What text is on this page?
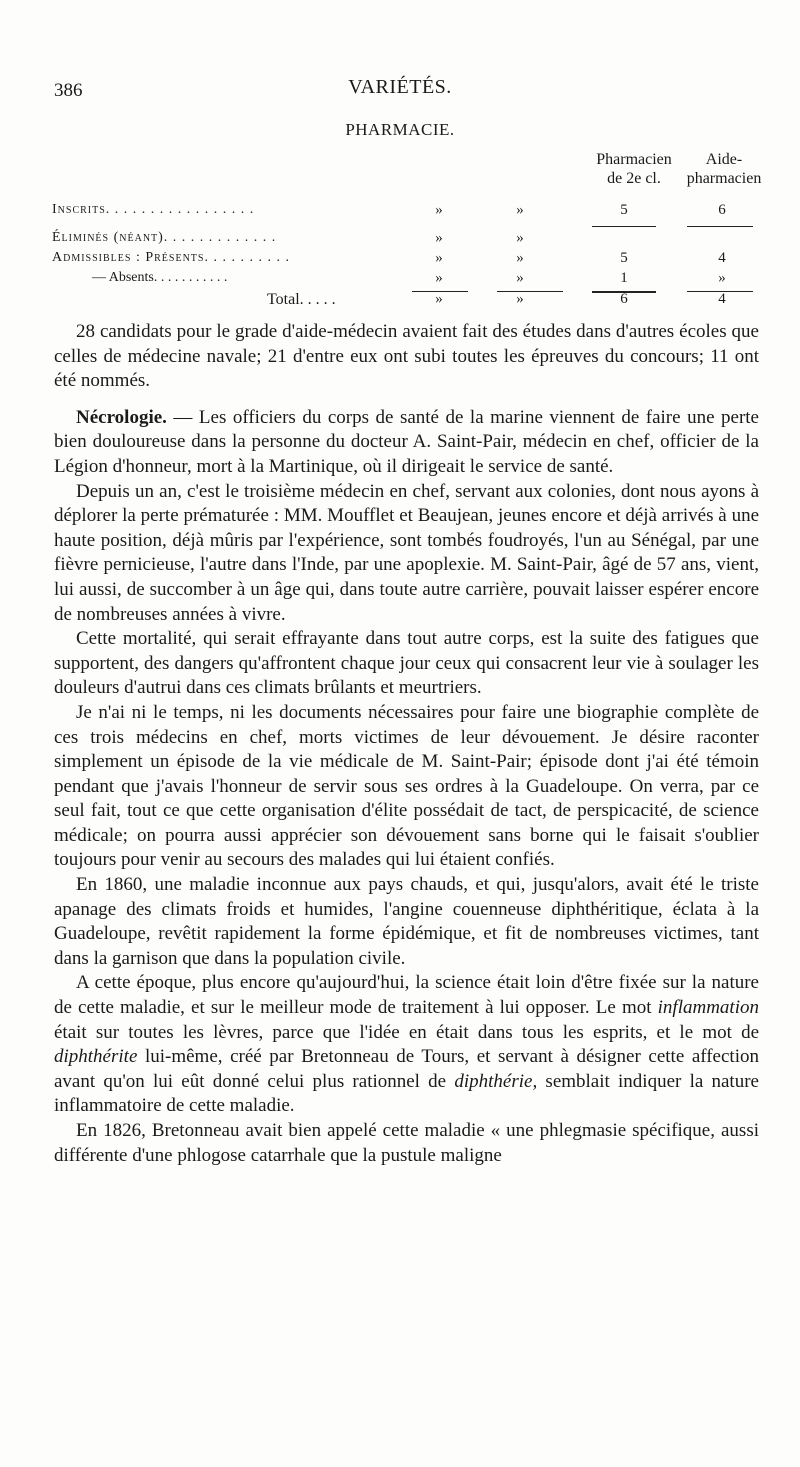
386	VARIÉTÉS.
PHARMACIE.
Pharmacien
de 2e cl.
Aide-
pharmacien
Inscrits. . . . . . . . . . . . . . . . .	»	»	5	6
Éliminés (néant). . . . . . . . . . . . .	»	»
Admissibles : Présents. . . . . . . . . .	»	»	5	4
— Absents. . . . . . . . . . .	»	»	1	»
Total. . . . .	»	»	6	4

28 candidats pour le grade d'aide-médecin avaient fait des études dans d'autres écoles que celles de médecine navale; 21 d'entre eux ont subi toutes les épreuves du concours; 11 ont été nommés.

Nécrologie. — Les officiers du corps de santé de la marine viennent de faire une perte bien douloureuse dans la personne du docteur A. Saint-Pair, médecin en chef, officier de la Légion d'honneur, mort à la Martinique, où il dirigeait le service de santé.

Depuis un an, c'est le troisième médecin en chef, servant aux colonies, dont nous ayons à déplorer la perte prématurée : MM. Moufflet et Beaujean, jeunes encore et déjà arrivés à une haute position, déjà mûris par l'expérience, sont tombés foudroyés, l'un au Sénégal, par une fièvre pernicieuse, l'autre dans l'Inde, par une apoplexie. M. Saint-Pair, âgé de 57 ans, vient, lui aussi, de succomber à un âge qui, dans toute autre carrière, pouvait laisser espérer encore de nombreuses années à vivre.

Cette mortalité, qui serait effrayante dans tout autre corps, est la suite des fatigues que supportent, des dangers qu'affrontent chaque jour ceux qui consacrent leur vie à soulager les douleurs d'autrui dans ces climats brûlants et meurtriers.

Je n'ai ni le temps, ni les documents nécessaires pour faire une biographie complète de ces trois médecins en chef, morts victimes de leur dévouement. Je désire raconter simplement un épisode de la vie médicale de M. Saint-Pair; épisode dont j'ai été témoin pendant que j'avais l'honneur de servir sous ses ordres à la Guadeloupe. On verra, par ce seul fait, tout ce que cette organisation d'élite possédait de tact, de perspicacité, de science médicale; on pourra aussi apprécier son dévouement sans borne qui le faisait s'oublier toujours pour venir au secours des malades qui lui étaient confiés.

En 1860, une maladie inconnue aux pays chauds, et qui, jusqu'alors, avait été le triste apanage des climats froids et humides, l'angine couenneuse diphthéritique, éclata à la Guadeloupe, revêtit rapidement la forme épidémique, et fit de nombreuses victimes, tant dans la garnison que dans la population civile.

A cette époque, plus encore qu'aujourd'hui, la science était loin d'être fixée sur la nature de cette maladie, et sur le meilleur mode de traitement à lui opposer. Le mot inflammation était sur toutes les lèvres, parce que l'idée en était dans tous les esprits, et le mot de diphthérite lui-même, créé par Bretonneau de Tours, et servant à désigner cette affection avant qu'on lui eût donné celui plus rationnel de diphthérie, semblait indiquer la nature inflammatoire de cette maladie.

En 1826, Bretonneau avait bien appelé cette maladie « une phlegmasie spécifique, aussi différente d'une phlogose catarrhale que la pustule maligne
